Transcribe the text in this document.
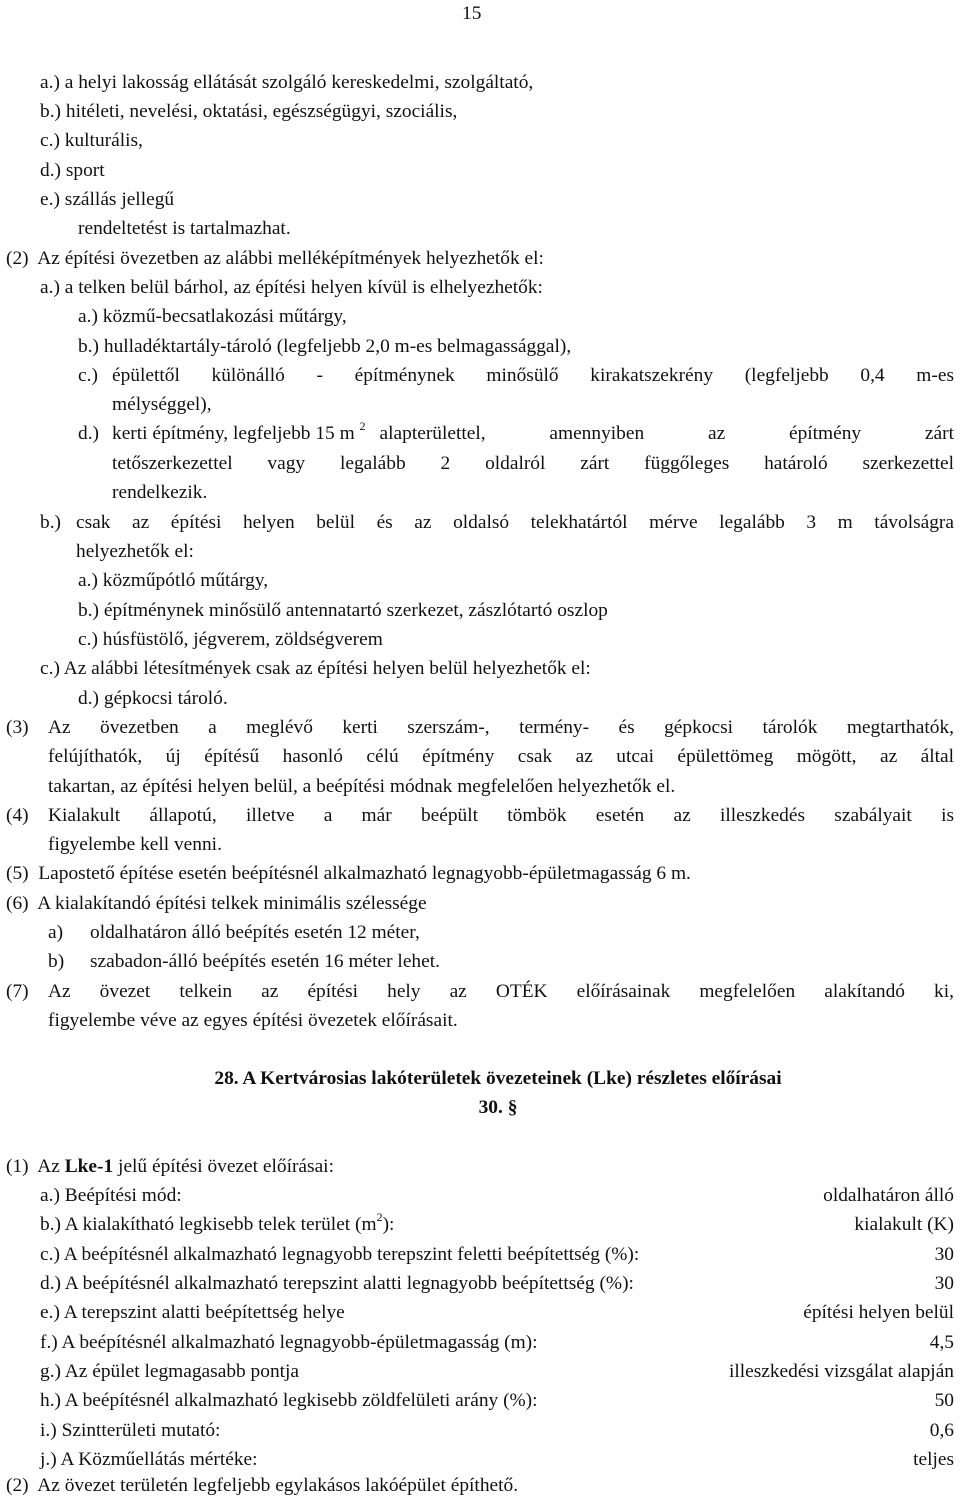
15
a.) a helyi lakosság ellátását szolgáló kereskedelmi, szolgáltató,
b.) hitéleti, nevelési, oktatási, egészségügyi, szociális,
c.) kulturális,
d.) sport
e.) szállás jellegű
rendeltetést is tartalmazhat.
(2) Az építési övezetben az alábbi melléképítmények helyezhetők el:
a.) a telken belül bárhol, az építési helyen kívül is elhelyezhetők:
a.) közmű-becsatlakozási műtárgy,
b.) hulladéktartály-tároló (legfeljebb 2,0 m-es belmagassággal),
c.) épülettől különálló - építménynek minősülő kirakatszekrény (legfeljebb 0,4 m-es
mélységgel),
d.) kerti építmény, legfeljebb 15 m $^2$ alapterülettel, amennyiben az építmény zárt
tetőszerkezettel vagy legalább 2 oldalról zárt függőleges határoló szerkezettel
rendelkezik.
b.) csak az építési helyen belül és az oldalsó telekhatártól mérve legalább 3 m távolságra
helyezhetők el:
a.) közműpótló műtárgy,
b.) építménynek minősülő antennatartó szerkezet, zászlótartó oszlop
c.) húsfüstölő, jégverem, zöldségverem
c.) Az alábbi létesítmények csak az építési helyen belül helyezhetők el:
d.) gépkocsi tároló.
(3) Az övezetben a meglévő kerti szerszám-, termény- és gépkocsi tárolók megtarthatók,
felújíthatók, új építésű hasonló célú építmény csak az utcai épülettömeg mögött, az által
takartan, az építési helyen belül, a beépítési módnak megfelelően helyezhetők el.
(4) Kialakult állapotú, illetve a már beépült tömbök esetén az illeszkedés szabályait is
figyelembe kell venni.
(5) Lapostető építése esetén beépítésnél alkalmazható legnagyobb-épületmagasság 6 m.
(6) A kialakítandó építési telkek minimális szélessége
a) oldalhatáron álló beépítés esetén 12 méter,
b) szabadon-álló beépítés esetén 16 méter lehet.
(7) Az övezet telkein az építési hely az OTÉK előírásainak megfelelően alakítandó ki,
figyelembe véve az egyes építési övezetek előírásait.
28. A Kertvárosias lakóterületek övezeteinek (Lke) részletes előírásai
30. §
(1) Az Lke-1 jelű építési övezet előírásai:
a.) Beépítési mód:	oldalhatáron álló
b.) A kialakítható legkisebb telek terület $(m^2)$:	kialakult (K)
c.) A beépítésnél alkalmazható legnagyobb terepszint feletti beépítettség (%):	30
d.) A beépítésnél alkalmazható terepszint alatti legnagyobb beépítettség (%):	30
e.) A terepszint alatti beépítettség helye	építési helyen belül
f.) A beépítésnél alkalmazható legnagyobb-épületmagasság (m):	4,5
g.) Az épület legmagasabb pontja	illeszkedési vizsgálat alapján
h.) A beépítésnél alkalmazható legkisebb zöldfelületi arány (%):	50
i.) Szintterületi mutató:	0,6
j.) A Közműellátás mértéke:	teljes
(2) Az övezet területén legfeljebb egylakásos lakóépület építhető.
